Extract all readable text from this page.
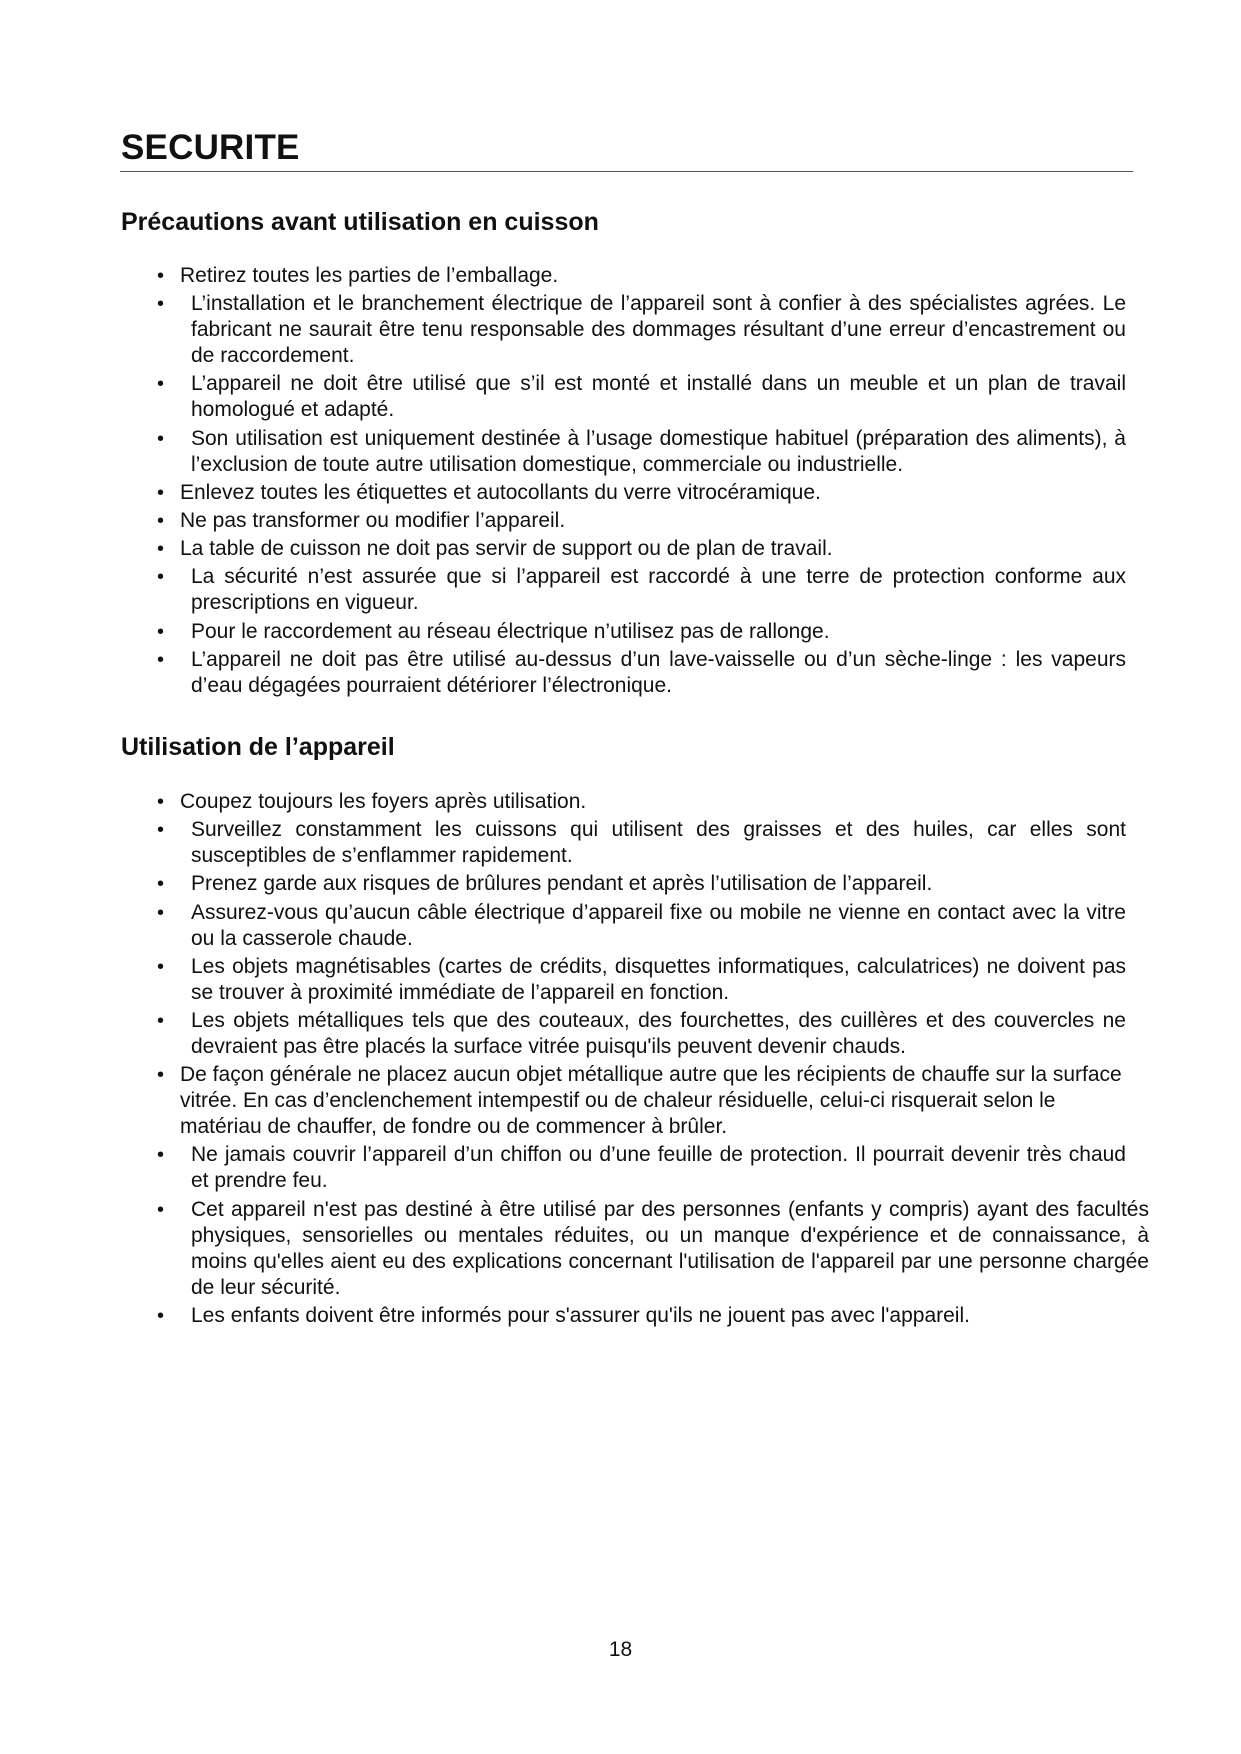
SECURITE
Précautions avant utilisation en cuisson
• Retirez toutes les parties de l’emballage.
• L’installation et le branchement électrique de l’appareil sont à confier à des spécialistes agrées. Le fabricant ne saurait être tenu responsable des dommages résultant d’une erreur d’encastrement ou de raccordement.
• L’appareil ne doit être utilisé que s’il est monté et installé dans un meuble et un plan de travail homologué et adapté.
• Son utilisation est uniquement destinée à l’usage domestique habituel (préparation des aliments), à l’exclusion de toute autre utilisation domestique, commerciale ou industrielle.
• Enlevez toutes les étiquettes et autocollants du verre vitrocéramique.
• Ne pas transformer ou modifier l’appareil.
• La table de cuisson ne doit pas servir de support ou de plan de travail.
• La sécurité n’est assurée que si l’appareil est raccordé à une terre de protection conforme aux prescriptions en vigueur.
• Pour le raccordement au réseau électrique n’utilisez pas de rallonge.
• L’appareil ne doit pas être utilisé au-dessus d’un lave-vaisselle ou d’un sèche-linge : les vapeurs d’eau dégagées pourraient détériorer l’électronique.
Utilisation de l’appareil
• Coupez toujours les foyers après utilisation.
• Surveillez constamment les cuissons qui utilisent des graisses et des huiles, car elles sont susceptibles de s’enflammer rapidement.
• Prenez garde aux risques de brûlures pendant et après l’utilisation de l’appareil.
• Assurez-vous qu’aucun câble électrique d’appareil fixe ou mobile ne vienne en contact avec la vitre ou la casserole chaude.
• Les objets magnétisables (cartes de crédits, disquettes informatiques, calculatrices) ne doivent pas se trouver à proximité immédiate de l’appareil en fonction.
• Les objets métalliques tels que des couteaux, des fourchettes, des cuillères et des couvercles ne devraient pas être placés la surface vitrée puisqu'ils peuvent devenir chauds.
• De façon générale ne placez aucun objet métallique autre que les récipients de chauffe sur la surface vitrée. En cas d’enclenchement intempestif ou de chaleur résiduelle, celui-ci risquerait selon le matériau de chauffer, de fondre ou de commencer à brûler.
• Ne jamais couvrir l’appareil d’un chiffon ou d’une feuille de protection. Il pourrait devenir très chaud et prendre feu.
• Cet appareil n'est pas destiné à être utilisé par des personnes (enfants y compris) ayant des facultés physiques, sensorielles ou mentales réduites, ou un manque d'expérience et de connaissance, à moins qu'elles aient eu des explications concernant l'utilisation de l'appareil par une personne chargée de leur sécurité.
• Les enfants doivent être informés pour s'assurer qu'ils ne jouent pas avec l'appareil.
18
